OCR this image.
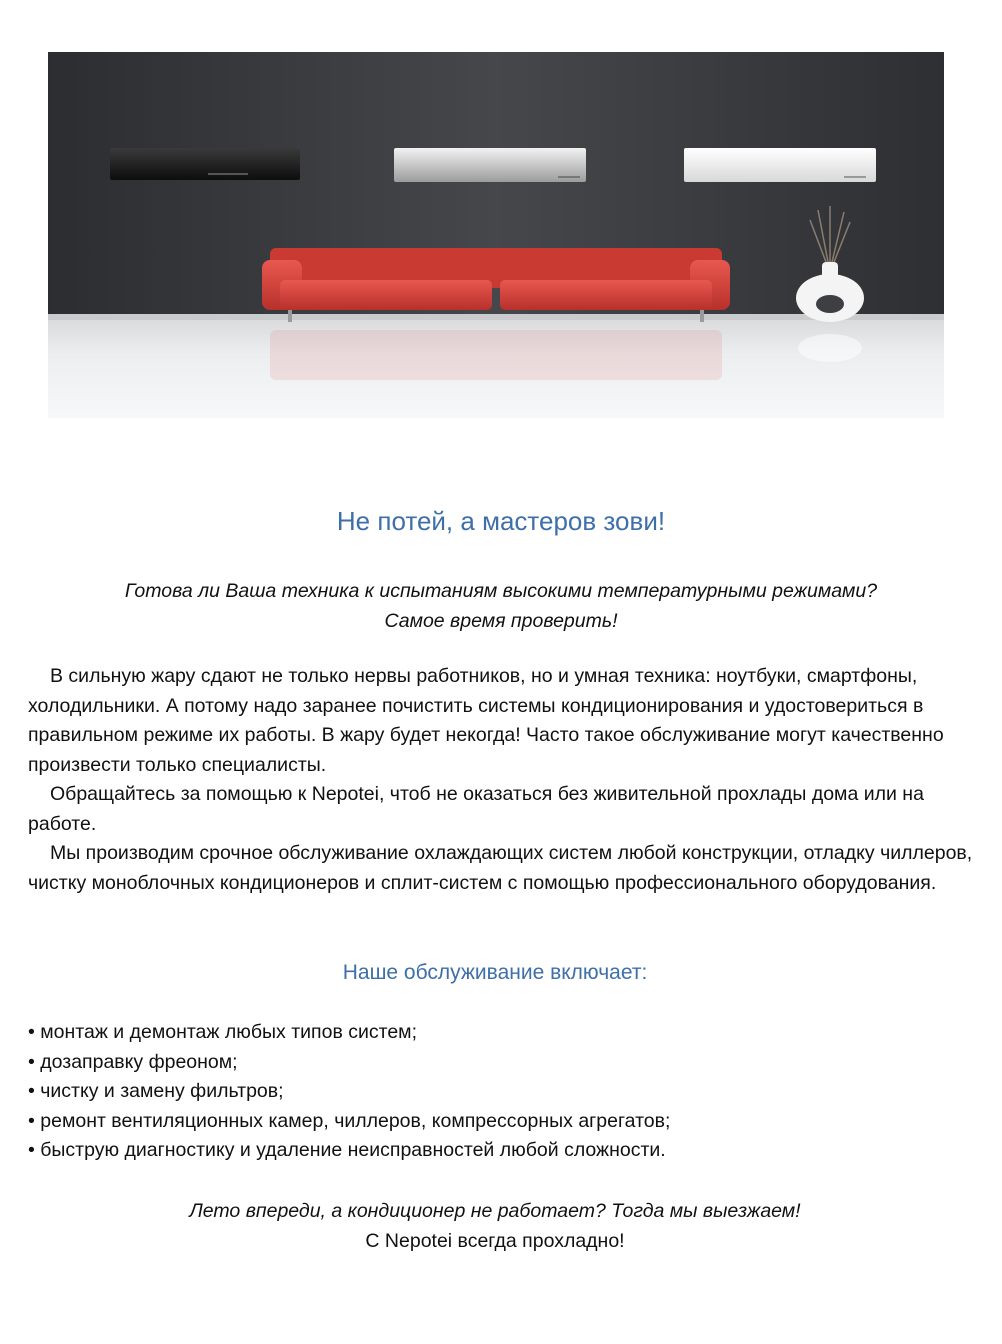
Не потей, а мастеров зови!
Готова ли Ваша техника к испытаниям высокими температурными режимами?
Самое время проверить!

В сильную жару сдают не только нервы работников, но и умная техника: ноутбуки, смартфоны, холодильники. А потому надо заранее почистить системы кондиционирования и удостовериться в правильном режиме их работы. В жару будет некогда! Часто такое обслуживание могут качественно произвести только специалисты.

Обращайтесь за помощью к Nepotei, чтоб не оказаться без живительной прохлады дома или на работе.

Мы производим срочное обслуживание охлаждающих систем любой конструкции, отладку чиллеров, чистку моноблочных кондиционеров и сплит-систем с помощью профессионального оборудования.

Наше обслуживание включает:
• монтаж и демонтаж любых типов систем;
• дозаправку фреоном;
• чистку и замену фильтров;
• ремонт вентиляционных камер, чиллеров, компрессорных агрегатов;
• быструю диагностику и удаление неисправностей любой сложности.
Лето впереди, а кондиционер не работает? Тогда мы выезжаем!
С Nepotei всегда прохладно!
